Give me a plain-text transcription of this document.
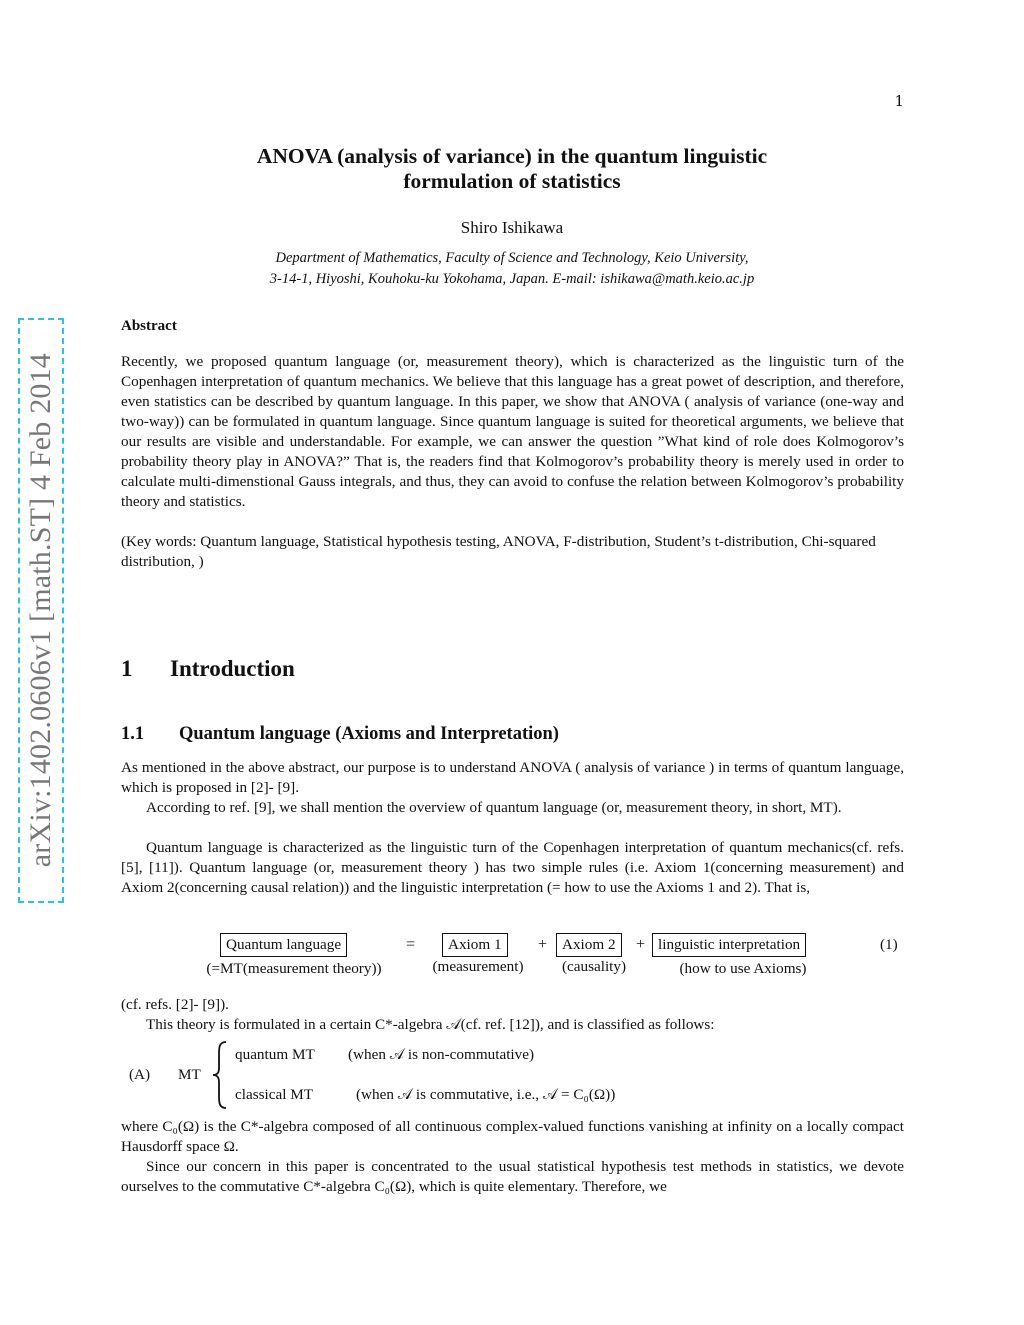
1
arXiv:1402.0606v1 [math.ST] 4 Feb 2014
ANOVA (analysis of variance) in the quantum linguistic
formulation of statistics
Shiro Ishikawa
Department of Mathematics, Faculty of Science and Technology, Keio University,
3-14-1, Hiyoshi, Kouhoku-ku Yokohama, Japan. E-mail: ishikawa@math.keio.ac.jp
Abstract
Recently, we proposed quantum language (or, measurement theory), which is characterized as the linguistic turn of the Copenhagen interpretation of quantum mechanics. We believe that this language has a great powet of description, and therefore, even statistics can be described by quantum language. In this paper, we show that ANOVA ( analysis of variance (one-way and two-way)) can be formulated in quantum language. Since quantum language is suited for theoretical arguments, we believe that our results are visible and understandable. For example, we can answer the question ”What kind of role does Kolmogorov’s probability theory play in ANOVA?” That is, the readers find that Kolmogorov’s probability theory is merely used in order to calculate multi-dimenstional Gauss integrals, and thus, they can avoid to confuse the relation between Kolmogorov’s probability theory and statistics.
(Key words: Quantum language, Statistical hypothesis testing, ANOVA, F-distribution, Student’s t-distribution, Chi-squared distribution, )
1 Introduction
1.1 Quantum language (Axioms and Interpretation)
As mentioned in the above abstract, our purpose is to understand ANOVA ( analysis of variance ) in terms of quantum language, which is proposed in [2]- [9].
According to ref. [9], we shall mention the overview of quantum language (or, measurement theory, in short, MT).
Quantum language is characterized as the linguistic turn of the Copenhagen interpretation of quantum mechanics(cf. refs. [5], [11]). Quantum language (or, measurement theory ) has two simple rules (i.e. Axiom 1(concerning measurement) and Axiom 2(concerning causal relation)) and the linguistic interpretation (= how to use the Axioms 1 and 2). That is,
Quantum language
(=MT(measurement theory))
=	Axiom 1
(measurement)
+ Axiom 2
(causality)
+ linguistic interpretation
(how to use Axioms)
(1)
(cf. refs. [2]- [9]).
This theory is formulated in a certain C*-algebra 𝒜(cf. ref. [12]), and is classified as follows:
(A) MT
quantum MT (when 𝒜 is non-commutative)
classical MT	(when 𝒜 is commutative, i.e., 𝒜 = C₀(Ω))
where C₀(Ω) is the C*-algebra composed of all continuous complex-valued functions vanishing at infinity on a locally compact Hausdorff space Ω.
Since our concern in this paper is concentrated to the usual statistical hypothesis test methods in statistics, we devote ourselves to the commutative C*-algebra C₀(Ω), which is quite elementary. Therefore, we
